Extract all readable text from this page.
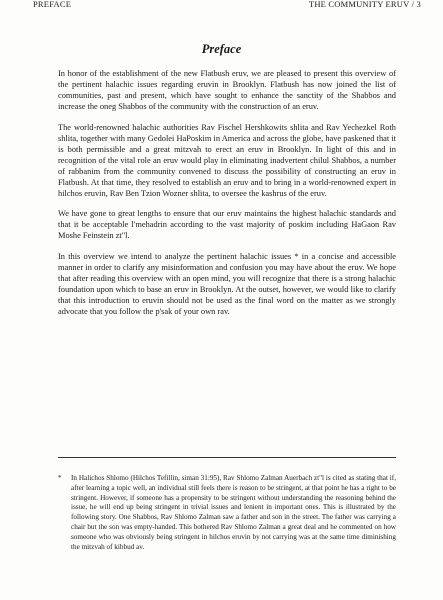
PREFACE	THE COMMUNITY ERUV / 3
Preface

In honor of the establishment of the new Flatbush eruv, we are pleased to present this overview of the pertinent halachic issues regarding eruvin in Brooklyn. Flatbush has now joined the list of communities, past and present, which have sought to enhance the sanctity of the Shabbos and increase the oneg Shabbos of the community with the construction of an eruv.

The world-renowned halachic authorities Rav Fischel Hershkowits shlita and Rav Yechezkel Roth shlita, together with many Gedolei HaPoskim in America and across the globe, have paskened that it is both permissible and a great mitzvah to erect an eruv in Brooklyn. In light of this and in recognition of the vital role an eruv would play in eliminating inadvertent chilul Shabbos, a number of rabbanim from the community convened to discuss the possibility of constructing an eruv in Flatbush. At that time, they resolved to establish an eruv and to bring in a world-renowned expert in hilchos eruvin, Rav Ben Tzion Wozner shlita, to oversee the kashrus of the eruv.

We have gone to great lengths to ensure that our eruv maintains the highest halachic standards and that it be acceptable l'mehadrin according to the vast majority of poskim including HaGaon Rav Moshe Feinstein zt"l.

In this overview we intend to analyze the pertinent halachic issues * in a concise and accessible manner in order to clarify any misinformation and confusion you may have about the eruv. We hope that after reading this overview with an open mind, you will recognize that there is a strong halachic foundation upon which to base an eruv in Brooklyn. At the outset, however, we would like to clarify that this introduction to eruvin should not be used as the final word on the matter as we strongly advocate that you follow the p'sak of your own rav.

*	In Halichos Shlomo (Hilchos Tefillin, siman 31:95), Rav Shlomo Zalman Auerbach zt"l is cited as stating that if, after learning a topic well, an individual still feels there is reason to be stringent, at that point he has a right to be stringent. However, if someone has a propensity to be stringent without understanding the reasoning behind the issue, he will end up being stringent in trivial issues and lenient in important ones. This is illustrated by the following story. One Shabbos, Rav Shlomo Zalman saw a father and son in the street. The father was carrying a chair but the son was empty-handed. This bothered Rav Shlomo Zalman a great deal and he commented on how someone who was obviously being stringent in hilchos eruvin by not carrying was at the same time diminishing the mitzvah of kibbud av.
